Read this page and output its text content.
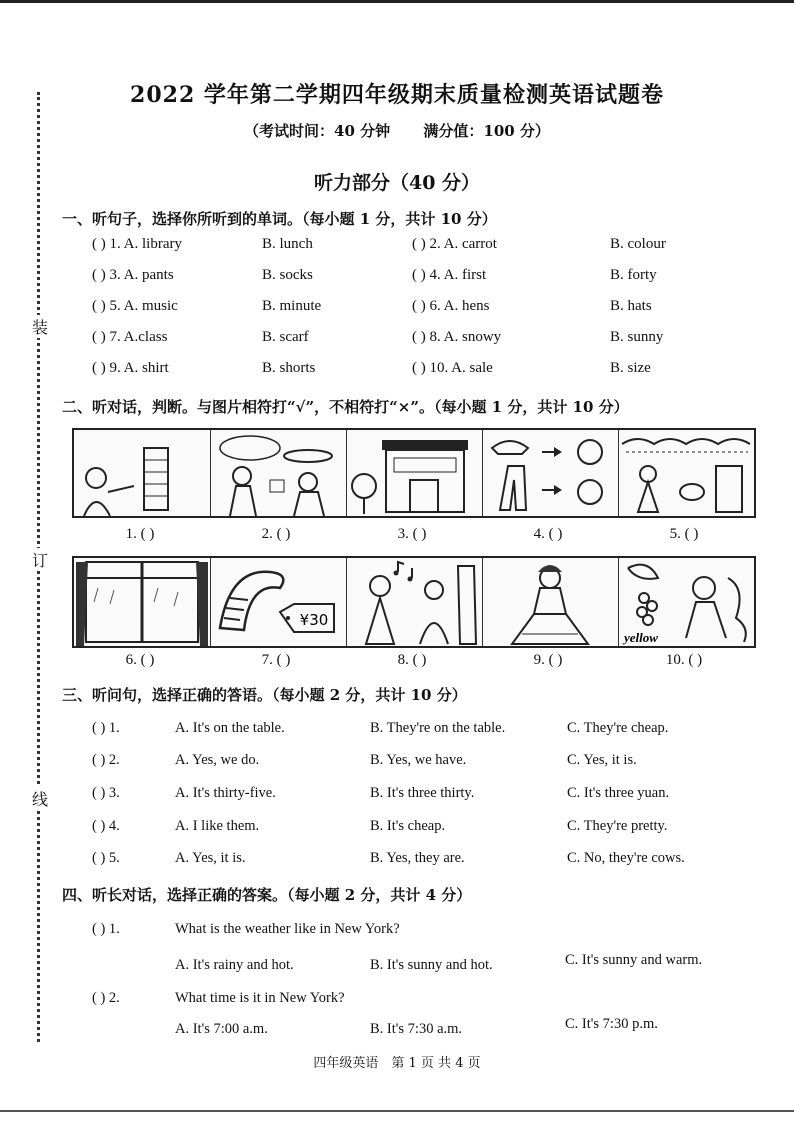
装
订
线
2022 学年第二学期四年级期末质量检测英语试题卷
（考试时间：40 分钟 满分值：100 分）
听力部分（40 分）
一、听句子，选择你所听到的单词。（每小题 1 分，共计 10 分）
( ) 1. A. library	B. lunch	( ) 2. A. carrot	B. colour
( ) 3. A. pants	B. socks	( ) 4. A. first	B. forty
( ) 5. A. music	B. minute	( ) 6. A. hens	B. hats
( ) 7. A.class	B. scarf	( ) 8. A. snowy	B. sunny
( ) 9. A. shirt	B. shorts	( ) 10. A. sale	B. size
二、听对话，判断。与图片相符打“√”，不相符打“×”。（每小题 1 分，共计 10 分）
1. ( )	2. ( )	3. ( )	4. ( )	5. ( )
¥30
yellow
6. ( )	7. ( )	8. ( )	9. ( )	10. ( )
三、听问句，选择正确的答语。（每小题 2 分，共计 10 分）
( ) 1.	A. It's on the table.	B. They're on the table.	C. They're cheap.
( ) 2.	A. Yes, we do.	B. Yes, we have.	C. Yes, it is.
( ) 3.	A. It's thirty-five.	B. It's three thirty.	C. It's three yuan.
( ) 4.	A. I like them.	B. It's cheap.	C. They're pretty.
( ) 5.	A. Yes, it is.	B. Yes, they are.	C. No, they're cows.
四、听长对话，选择正确的答案。（每小题 2 分，共计 4 分）
( ) 1.	What is the weather like in New York?
A. It's rainy and hot.	B. It's sunny and hot.	C. It's sunny and warm.
( ) 2.	What time is it in New York?
A. It's 7:00 a.m.	B. It's 7:30 a.m.	C. It's 7:30 p.m.
四年级英语　第 1 页 共 4 页
